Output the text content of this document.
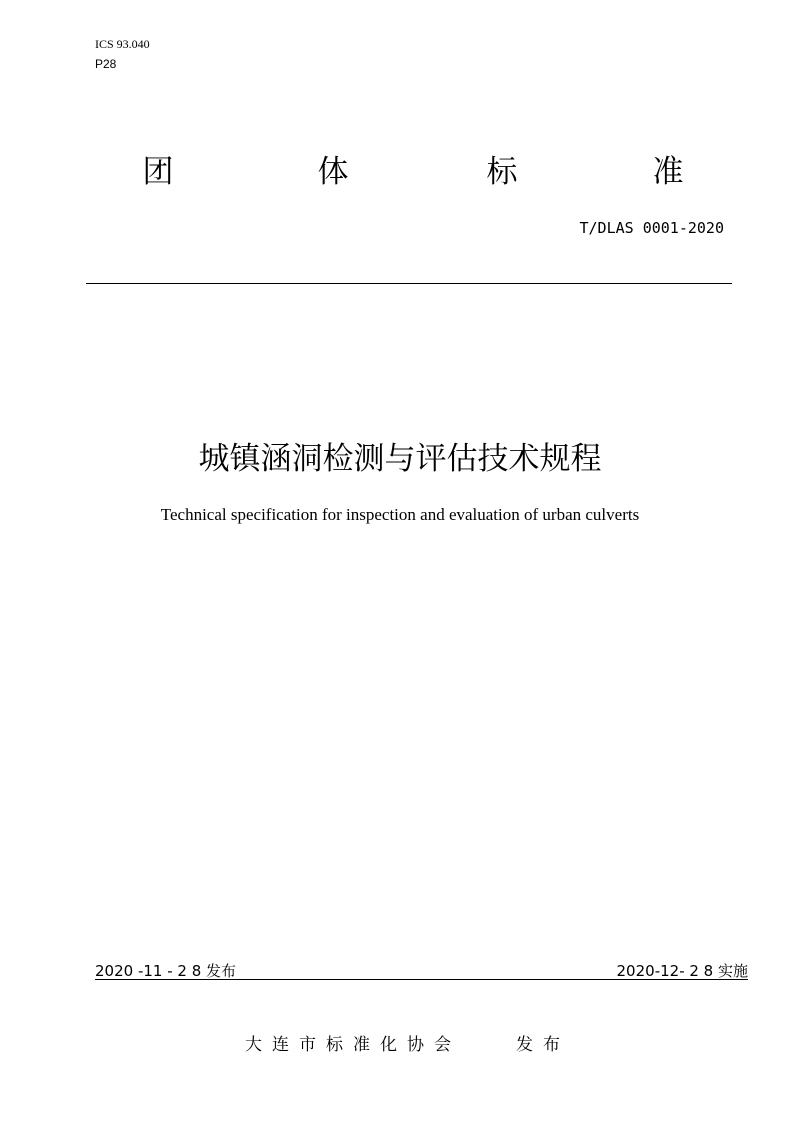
ICS 93.040
P28
团	体	标	准
T/DLAS 0001-2020
城镇涵洞检测与评估技术规程
Technical specification for inspection and evaluation of urban culverts
2020 -11 - 2 8 发布	2020-12- 2 8 实施
大连市标准化协会	发布
